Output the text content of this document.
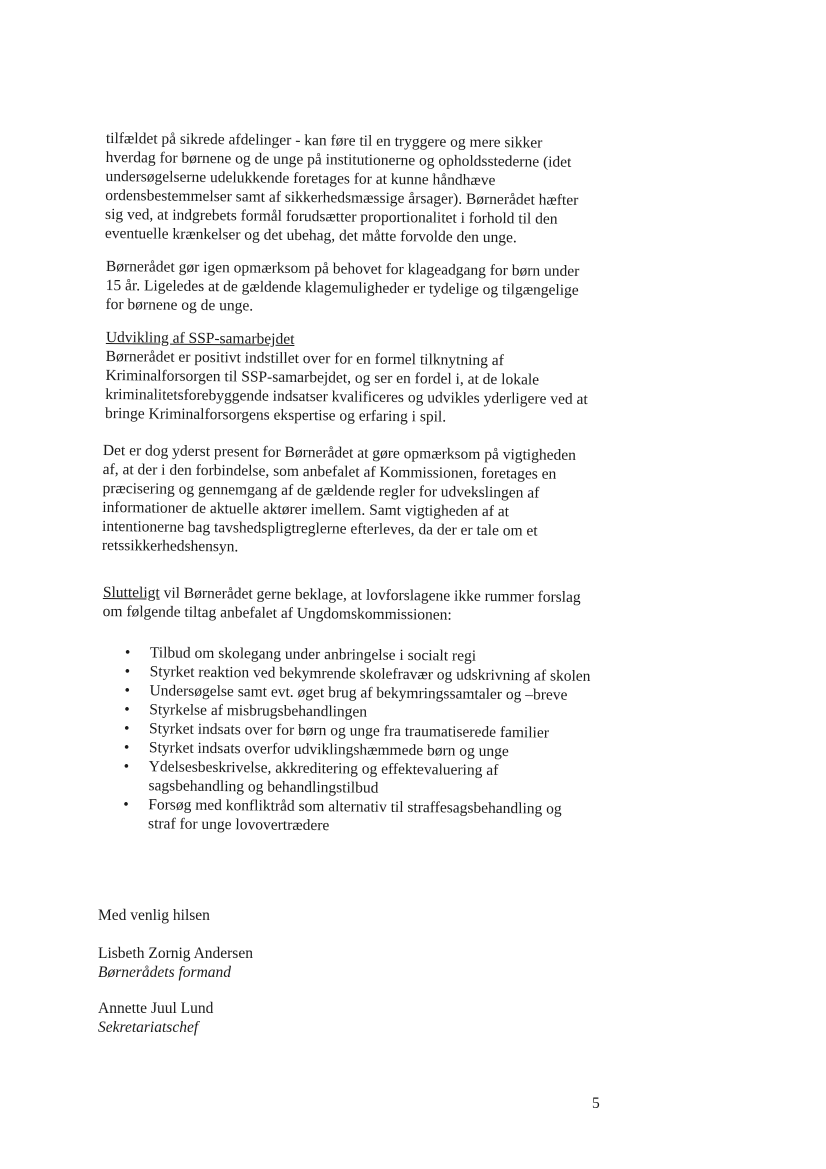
tilfældet på sikrede afdelinger - kan føre til en tryggere og mere sikker
hverdag for børnene og de unge på institutionerne og opholdsstederne (idet
undersøgelserne udelukkende foretages for at kunne håndhæve
ordensbestemmelser samt af sikkerhedsmæssige årsager). Børnerådet hæfter
sig ved, at indgrebets formål forudsætter proportionalitet i forhold til den
eventuelle krænkelser og det ubehag, det måtte forvolde den unge.
Børnerådet gør igen opmærksom på behovet for klageadgang for børn under
15 år. Ligeledes at de gældende klagemuligheder er tydelige og tilgængelige
for børnene og de unge.
Udvikling af SSP-samarbejdet
Børnerådet er positivt indstillet over for en formel tilknytning af
Kriminalforsorgen til SSP-samarbejdet, og ser en fordel i, at de lokale
kriminalitetsforebyggende indsatser kvalificeres og udvikles yderligere ved at
bringe Kriminalforsorgens ekspertise og erfaring i spil.
Det er dog yderst present for Børnerådet at gøre opmærksom på vigtigheden
af, at der i den forbindelse, som anbefalet af Kommissionen, foretages en
præcisering og gennemgang af de gældende regler for udvekslingen af
informationer de aktuelle aktører imellem. Samt vigtigheden af at
intentionerne bag tavshedspligtreglerne efterleves, da der er tale om et
retssikkerhedshensyn.
Slutteligt vil Børnerådet gerne beklage, at lovforslagene ikke rummer forslag
om følgende tiltag anbefalet af Ungdomskommissionen:
• Tilbud om skolegang under anbringelse i socialt regi
• Styrket reaktion ved bekymrende skolefravær og udskrivning af skolen
• Undersøgelse samt evt. øget brug af bekymringssamtaler og –breve
• Styrkelse af misbrugsbehandlingen
• Styrket indsats over for børn og unge fra traumatiserede familier
• Styrket indsats overfor udviklingshæmmede børn og unge
• Ydelsesbeskrivelse, akkreditering og effektevaluering af
sagsbehandling og behandlingstilbud
• Forsøg med konfliktråd som alternativ til straffesagsbehandling og
straf for unge lovovertrædere
Med venlig hilsen
Lisbeth Zornig Andersen
Børnerådets formand
Annette Juul Lund
Sekretariatschef

5
